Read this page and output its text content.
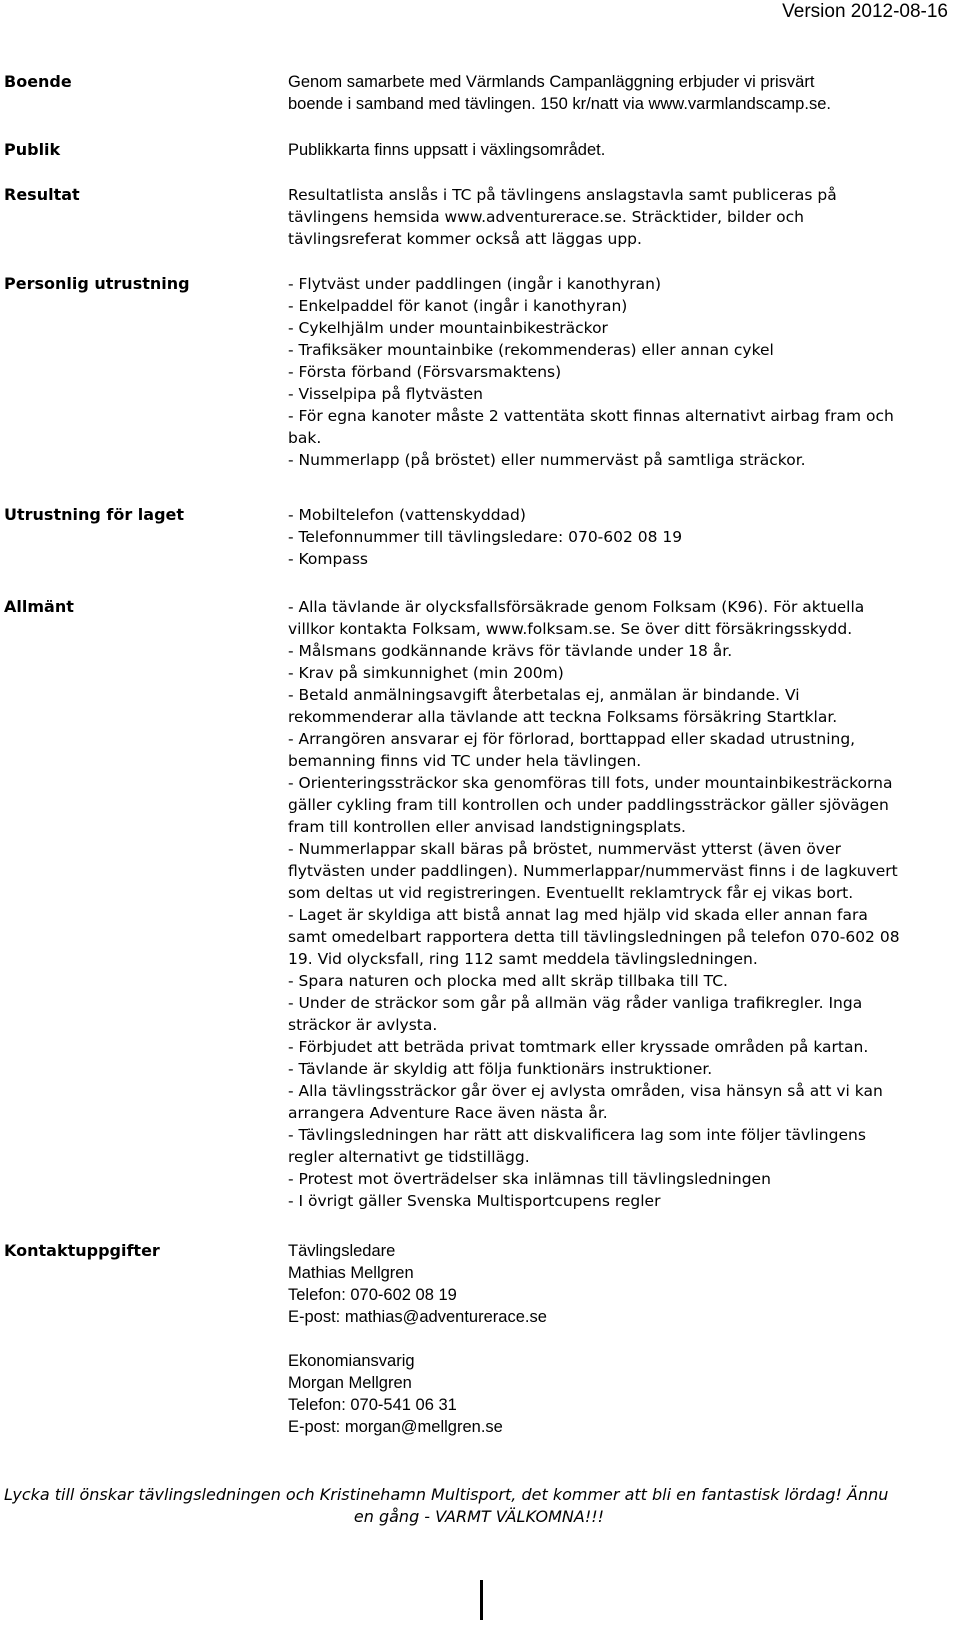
Version 2012-08-16
Boende	Genom samarbete med Värmlands Campanläggning erbjuder vi prisvärt
boende i samband med tävlingen. 150 kr/natt via www.varmlandscamp.se.
Publik	Publikkarta finns uppsatt i växlingsområdet.
Resultat	Resultatlista anslås i TC på tävlingens anslagstavla samt publiceras på
tävlingens hemsida www.adventurerace.se. Sträcktider, bilder och
tävlingsreferat kommer också att läggas upp.
Personlig utrustning	- Flytväst under paddlingen (ingår i kanothyran)
- Enkelpaddel för kanot (ingår i kanothyran)
- Cykelhjälm under mountainbikesträckor
- Trafiksäker mountainbike (rekommenderas) eller annan cykel
- Första förband (Försvarsmaktens)
- Visselpipa på flytvästen
- För egna kanoter måste 2 vattentäta skott finnas alternativt airbag fram och
bak.
- Nummerlapp (på bröstet) eller nummerväst på samtliga sträckor.
Utrustning för laget	- Mobiltelefon (vattenskyddad)
- Telefonnummer till tävlingsledare: 070-602 08 19
- Kompass
Allmänt	- Alla tävlande är olycksfallsförsäkrade genom Folksam (K96). För aktuella
villkor kontakta Folksam, www.folksam.se. Se över ditt försäkringsskydd.
- Målsmans godkännande krävs för tävlande under 18 år.
- Krav på simkunnighet (min 200m)
- Betald anmälningsavgift återbetalas ej, anmälan är bindande. Vi
rekommenderar alla tävlande att teckna Folksams försäkring Startklar.
- Arrangören ansvarar ej för förlorad, borttappad eller skadad utrustning,
bemanning finns vid TC under hela tävlingen.
- Orienteringssträckor ska genomföras till fots, under mountainbikesträckorna
gäller cykling fram till kontrollen och under paddlingssträckor gäller sjövägen
fram till kontrollen eller anvisad landstigningsplats.
- Nummerlappar skall bäras på bröstet, nummerväst ytterst (även över
flytvästen under paddlingen). Nummerlappar/nummerväst finns i de lagkuvert
som deltas ut vid registreringen. Eventuellt reklamtryck får ej vikas bort.
- Laget är skyldiga att bistå annat lag med hjälp vid skada eller annan fara
samt omedelbart rapportera detta till tävlingsledningen på telefon 070-602 08
19. Vid olycksfall, ring 112 samt meddela tävlingsledningen.
- Spara naturen och plocka med allt skräp tillbaka till TC.
- Under de sträckor som går på allmän väg råder vanliga trafikregler. Inga
sträckor är avlysta.
- Förbjudet att beträda privat tomtmark eller kryssade områden på kartan.
- Tävlande är skyldig att följa funktionärs instruktioner.
- Alla tävlingssträckor går över ej avlysta områden, visa hänsyn så att vi kan
arrangera Adventure Race även nästa år.
- Tävlingsledningen har rätt att diskvalificera lag som inte följer tävlingens
regler alternativt ge tidstillägg.
- Protest mot överträdelser ska inlämnas till tävlingsledningen
- I övrigt gäller Svenska Multisportcupens regler
Kontaktuppgifter	Tävlingsledare
Mathias Mellgren
Telefon: 070-602 08 19
E-post: mathias@adventurerace.se
Ekonomiansvarig
Morgan Mellgren
Telefon: 070-541 06 31
E-post: morgan@mellgren.se
Lycka till önskar tävlingsledningen och Kristinehamn Multisport, det kommer att bli en fantastisk lördag! Ännu
en gång - VARMT VÄLKOMNA!!!
